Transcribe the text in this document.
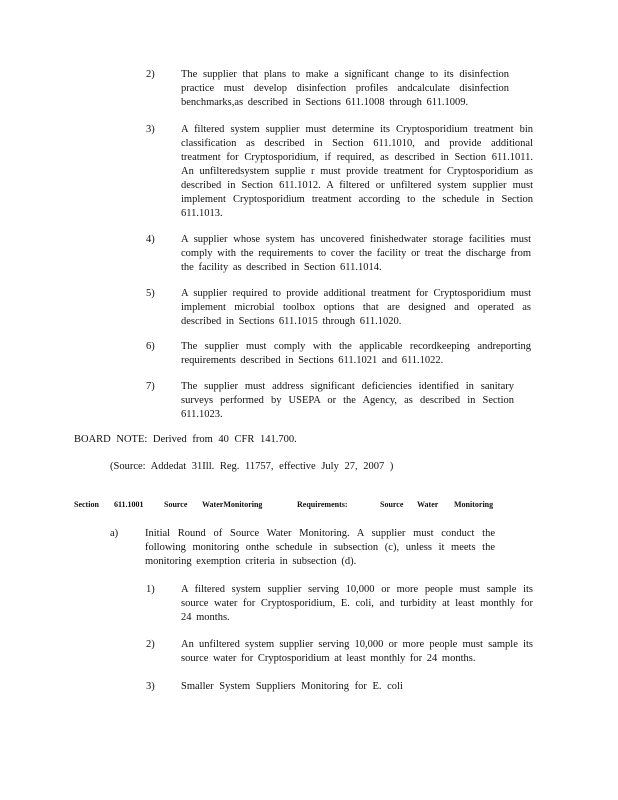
2)	The supplier that plans to make a significant change to its disinfection practice must develop disinfection profiles andcalculate disinfection benchmarks,as described in Sections 611.1008 through 611.1009.
3)	A filtered system supplier must determine its Cryptosporidium treatment bin classification as described in Section 611.1010, and provide additional treatment for Cryptosporidium, if required, as described in Section 611.1011. An unfilteredsystem supplie r must provide treatment for Cryptosporidium as described in Section 611.1012. A filtered or unfiltered system supplier must implement Cryptosporidium treatment according to the schedule in Section 611.1013.
4)	A supplier whose system has uncovered finishedwater storage facilities must comply with the requirements to cover the facility or treat the discharge from the facility as described in Section 611.1014.
5)	A supplier required to provide additional treatment for Cryptosporidium must implement microbial toolbox options that are designed and operated as described in Sections 611.1015 through 611.1020.
6)	The supplier must comply with the applicable recordkeeping andreporting requirements described in Sections 611.1021 and 611.1022.
7)	The supplier must address significant deficiencies identified in sanitary surveys performed by USEPA or the Agency, as described in Section 611.1023.
BOARD NOTE: Derived from 40 CFR 141.700.
(Source: Addedat 31Ill. Reg. 11757, effective July 27, 2007 )
Section 611.1001	Source WaterMonitoring	Requirements:	Source Water Monitoring
a)	Initial Round of Source Water Monitoring. A supplier must conduct the following monitoring onthe schedule in subsection (c), unless it meets the monitoring exemption criteria in subsection (d).
1)	A filtered system supplier serving 10,000 or more people must sample its source water for Cryptosporidium, E. coli, and turbidity at least monthly for 24 months.
2)	An unfiltered system supplier serving 10,000 or more people must sample its source water for Cryptosporidium at least monthly for 24 months.
3)	Smaller System Suppliers Monitoring for E. coli
